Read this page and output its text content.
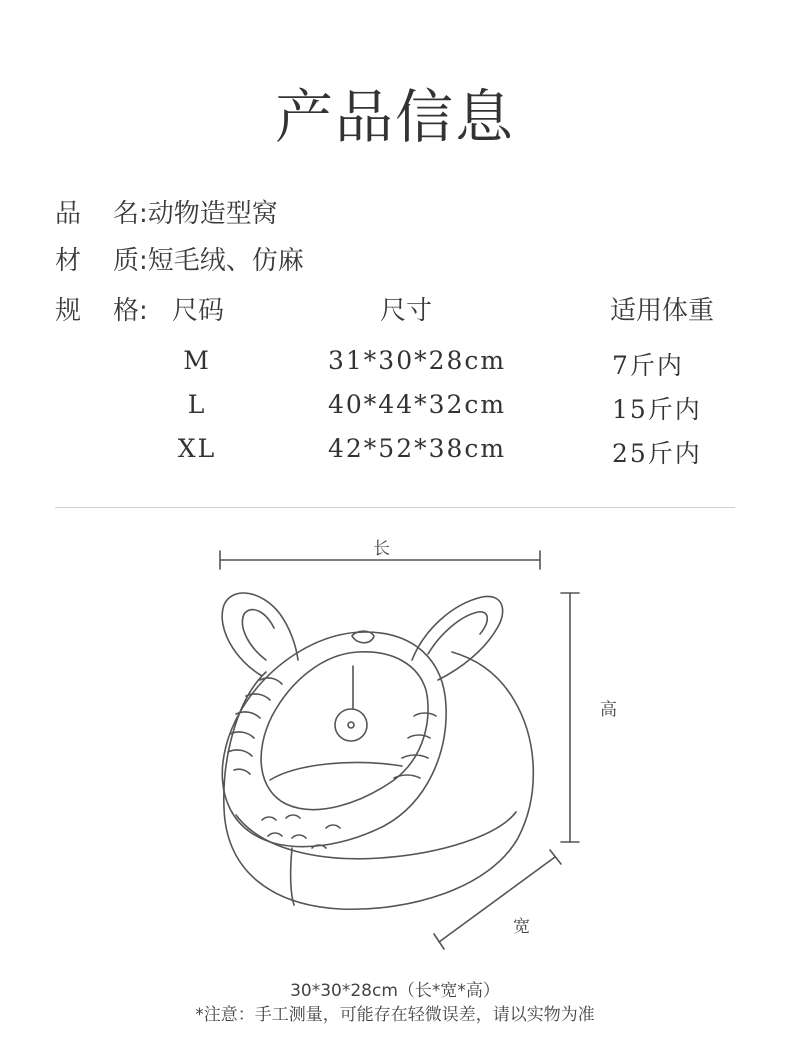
产品信息
品 名:动物造型窝
材 质:短毛绒、仿麻
规 格: 尺码	尺寸	适用体重
M	31*30*28cm	7斤内
L	40*44*32cm	15斤内
XL	42*52*38cm	25斤内
长
高
宽
30*30*28cm（长*宽*高）
*注意：手工测量，可能存在轻微误差，请以实物为准
